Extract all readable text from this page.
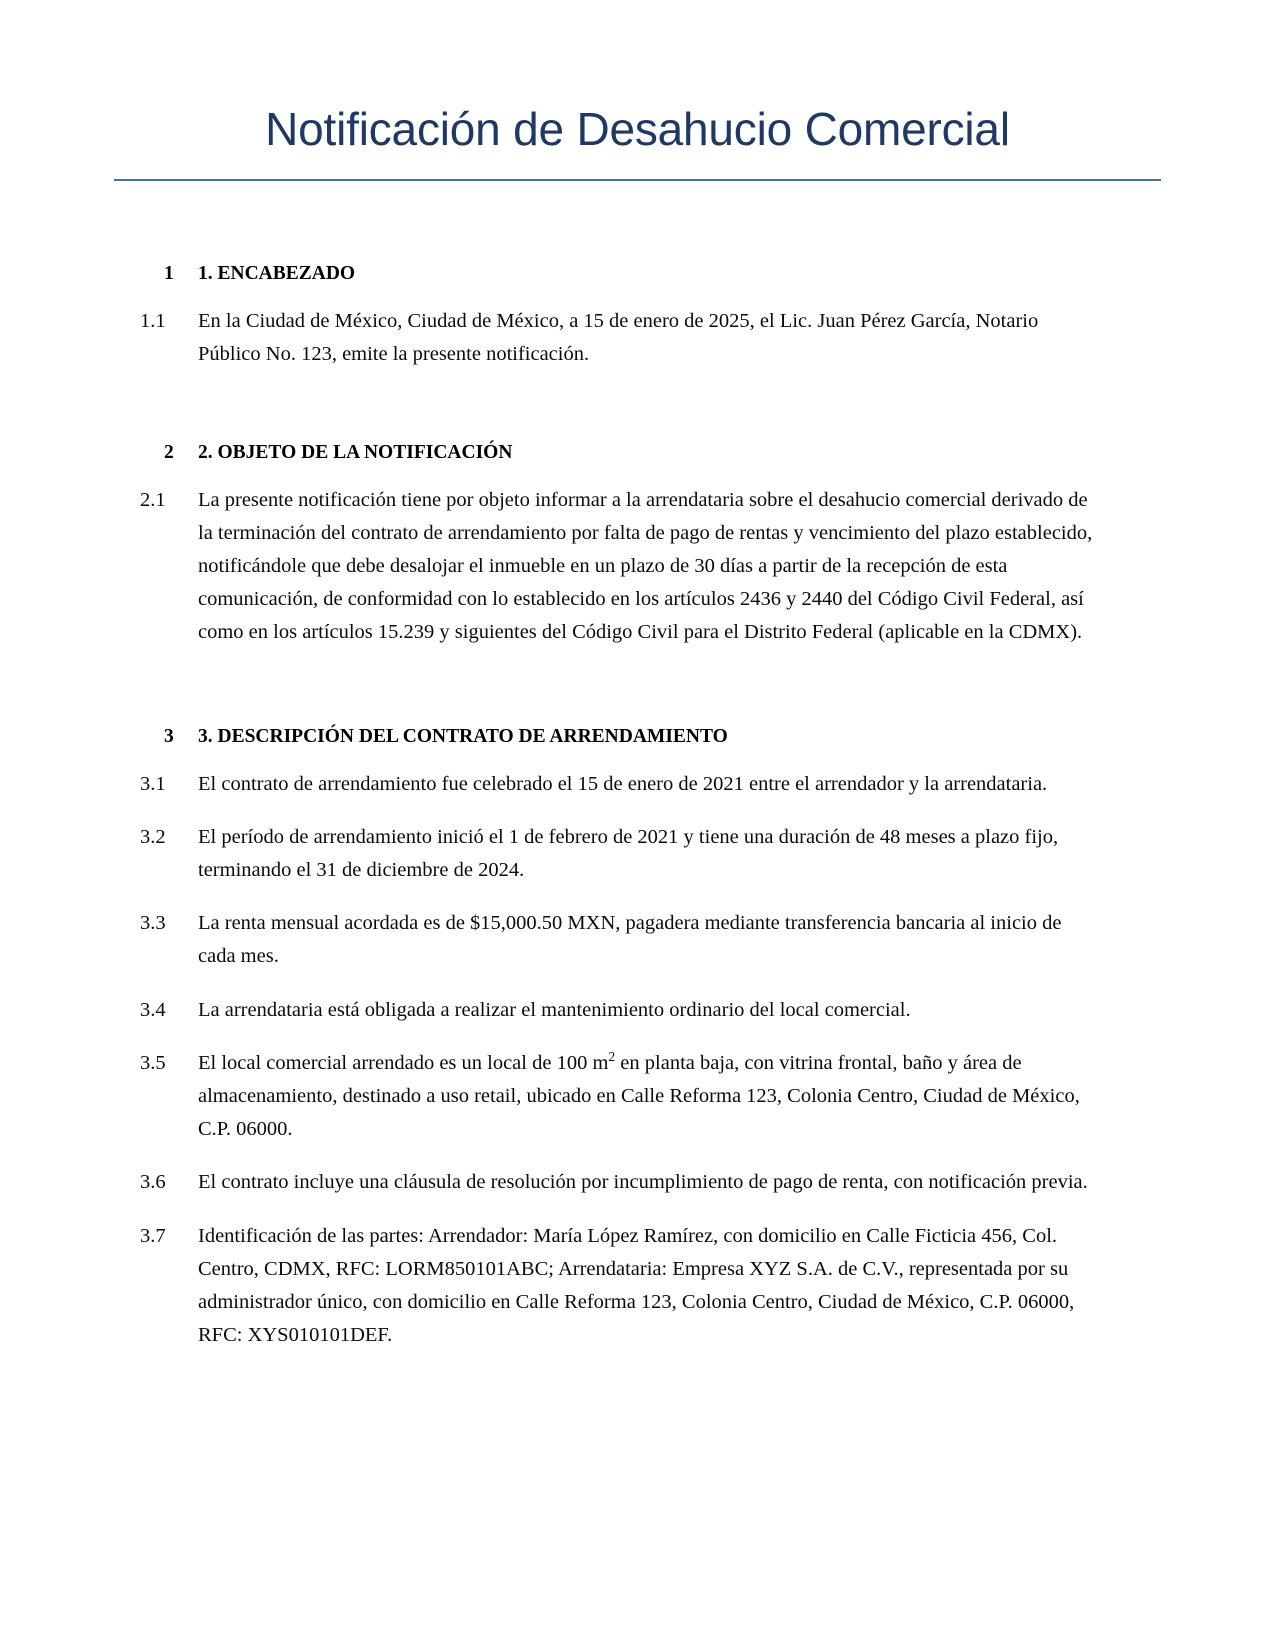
Notificación de Desahucio Comercial
1	1. ENCABEZADO
1.1	En la Ciudad de México, Ciudad de México, a 15 de enero de 2025, el Lic. Juan Pérez García, Notario Público No. 123, emite la presente notificación.
2	2. OBJETO DE LA NOTIFICACIÓN
2.1	La presente notificación tiene por objeto informar a la arrendataria sobre el desahucio comercial derivado de la terminación del contrato de arrendamiento por falta de pago de rentas y vencimiento del plazo establecido, notificándole que debe desalojar el inmueble en un plazo de 30 días a partir de la recepción de esta comunicación, de conformidad con lo establecido en los artículos 2436 y 2440 del Código Civil Federal, así como en los artículos 15.239 y siguientes del Código Civil para el Distrito Federal (aplicable en la CDMX).
3	3. DESCRIPCIÓN DEL CONTRATO DE ARRENDAMIENTO
3.1	El contrato de arrendamiento fue celebrado el 15 de enero de 2021 entre el arrendador y la arrendataria.
3.2	El período de arrendamiento inició el 1 de febrero de 2021 y tiene una duración de 48 meses a plazo fijo, terminando el 31 de diciembre de 2024.
3.3	La renta mensual acordada es de $15,000.50 MXN, pagadera mediante transferencia bancaria al inicio de cada mes.
3.4	La arrendataria está obligada a realizar el mantenimiento ordinario del local comercial.
3.5	El local comercial arrendado es un local de 100 $m^2$ en planta baja, con vitrina frontal, baño y área de almacenamiento, destinado a uso retail, ubicado en Calle Reforma 123, Colonia Centro, Ciudad de México, C.P. 06000.
3.6	El contrato incluye una cláusula de resolución por incumplimiento de pago de renta, con notificación previa.
3.7	Identificación de las partes: Arrendador: María López Ramírez, con domicilio en Calle Ficticia 456, Col. Centro, CDMX, RFC: LORM850101ABC; Arrendataria: Empresa XYZ S.A. de C.V., representada por su administrador único, con domicilio en Calle Reforma 123, Colonia Centro, Ciudad de México, C.P. 06000, RFC: XYS010101DEF.
